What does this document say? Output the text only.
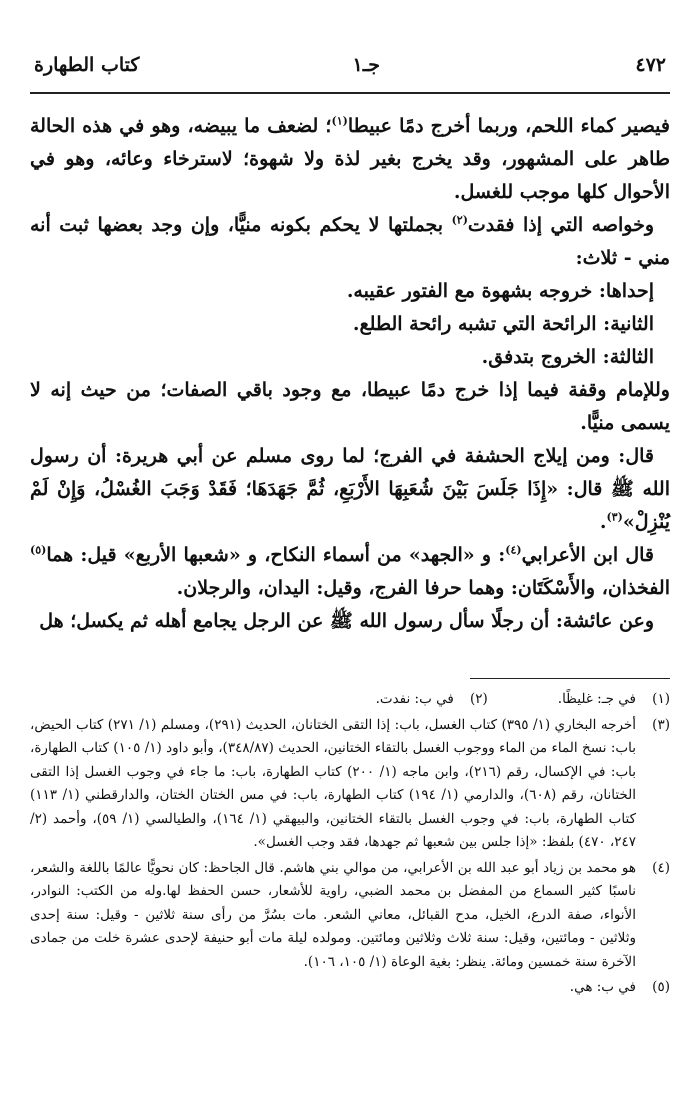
٤٧٢
جـ١
كتاب الطهارة

فيصير كماء اللحم، وربما أخرج دمًا عبيطا$^{(١)}$؛ لضعف ما يبيضه، وهو في هذه الحالة طاهر على المشهور، وقد يخرج بغير لذة ولا شهوة؛ لاسترخاء وعائه، وهو في الأحوال كلها موجب للغسل.

وخواصه التي إذا فقدت$^{(٢)}$ بجملتها لا يحكم بكونه منيًّا، وإن وجد بعضها ثبت أنه مني - ثلاث:

إحداها: خروجه بشهوة مع الفتور عقيبه.

الثانية: الرائحة التي تشبه رائحة الطلع.

الثالثة: الخروج بتدفق.

وللإمام وقفة فيما إذا خرج دمًا عبيطا، مع وجود باقي الصفات؛ من حيث إنه لا يسمى منيًّا.

قال: ومن إيلاج الحشفة في الفرج؛ لما روى مسلم عن أبي هريرة: أن رسول الله ﷺ قال: «إِذَا جَلَسَ بَيْنَ شُعَبِهَا الأَرْبَعِ، ثُمَّ جَهَدَهَا؛ فَقَدْ وَجَبَ الغُسْلُ، وَإِنْ لَمْ يُنْزِلْ»$^{(٣)}$.

قال ابن الأعرابي$^{(٤)}$: و «الجهد» من أسماء النكاح، و «شعبها الأربع» قيل: هما$^{(٥)}$ الفخذان، والأَسْكَتَان: وهما حرفا الفرج، وقيل: اليدان، والرجلان.

وعن عائشة: أن رجلًا سأل رسول الله ﷺ عن الرجل يجامع أهله ثم يكسل؛ هل

(١)
في جـ: غليظًا.
(٢)
في ب: نفدت.
(٣)
أخرجه البخاري (١/ ٣٩٥) كتاب الغسل، باب: إذا التقى الختانان، الحديث (٢٩١)، ومسلم (١/ ٢٧١) كتاب الحيض، باب: نسخ الماء من الماء ووجوب الغسل بالتقاء الختانين، الحديث (٣٤٨/٨٧)، وأبو داود (١/ ١٠٥) كتاب الطهارة، باب: في الإكسال، رقم (٢١٦)، وابن ماجه (١/ ٢٠٠) كتاب الطهارة، باب: ما جاء في وجوب الغسل إذا التقى الختانان، رقم (٦٠٨)، والدارمي (١/ ١٩٤) كتاب الطهارة، باب: في مس الختان الختان، والدارقطني (١/ ١١٣) كتاب الطهارة، باب: في وجوب الغسل بالتقاء الختانين، والبيهقي (١/ ١٦٤)، والطيالسي (١/ ٥٩)، وأحمد (٢/ ٢٤٧، ٤٧٠) بلفظ: «إذا جلس بين شعبها ثم جهدها، فقد وجب الغسل».
(٤)
هو محمد بن زياد أبو عبد الله بن الأعرابي، من موالي بني هاشم. قال الجاحظ: كان نحويًّا عالمًا باللغة والشعر، ناسبًا كثير السماع من المفضل بن محمد الضبي، راوية للأشعار، حسن الحفظ لها.وله من الكتب: النوادر، الأنواء، صفة الدرع، الخيل، مدح القبائل، معاني الشعر. مات بسُرَّ من رأى سنة ثلاثين - وقيل: سنة إحدى وثلاثين - ومائتين، وقيل: سنة ثلاث وثلاثين ومائتين. ومولده ليلة مات أبو حنيفة لإحدى عشرة خلت من جمادى الآخرة سنة خمسين ومائة. ينظر: بغية الوعاة (١/ ١٠٥، ١٠٦).
(٥)
في ب: هي.
